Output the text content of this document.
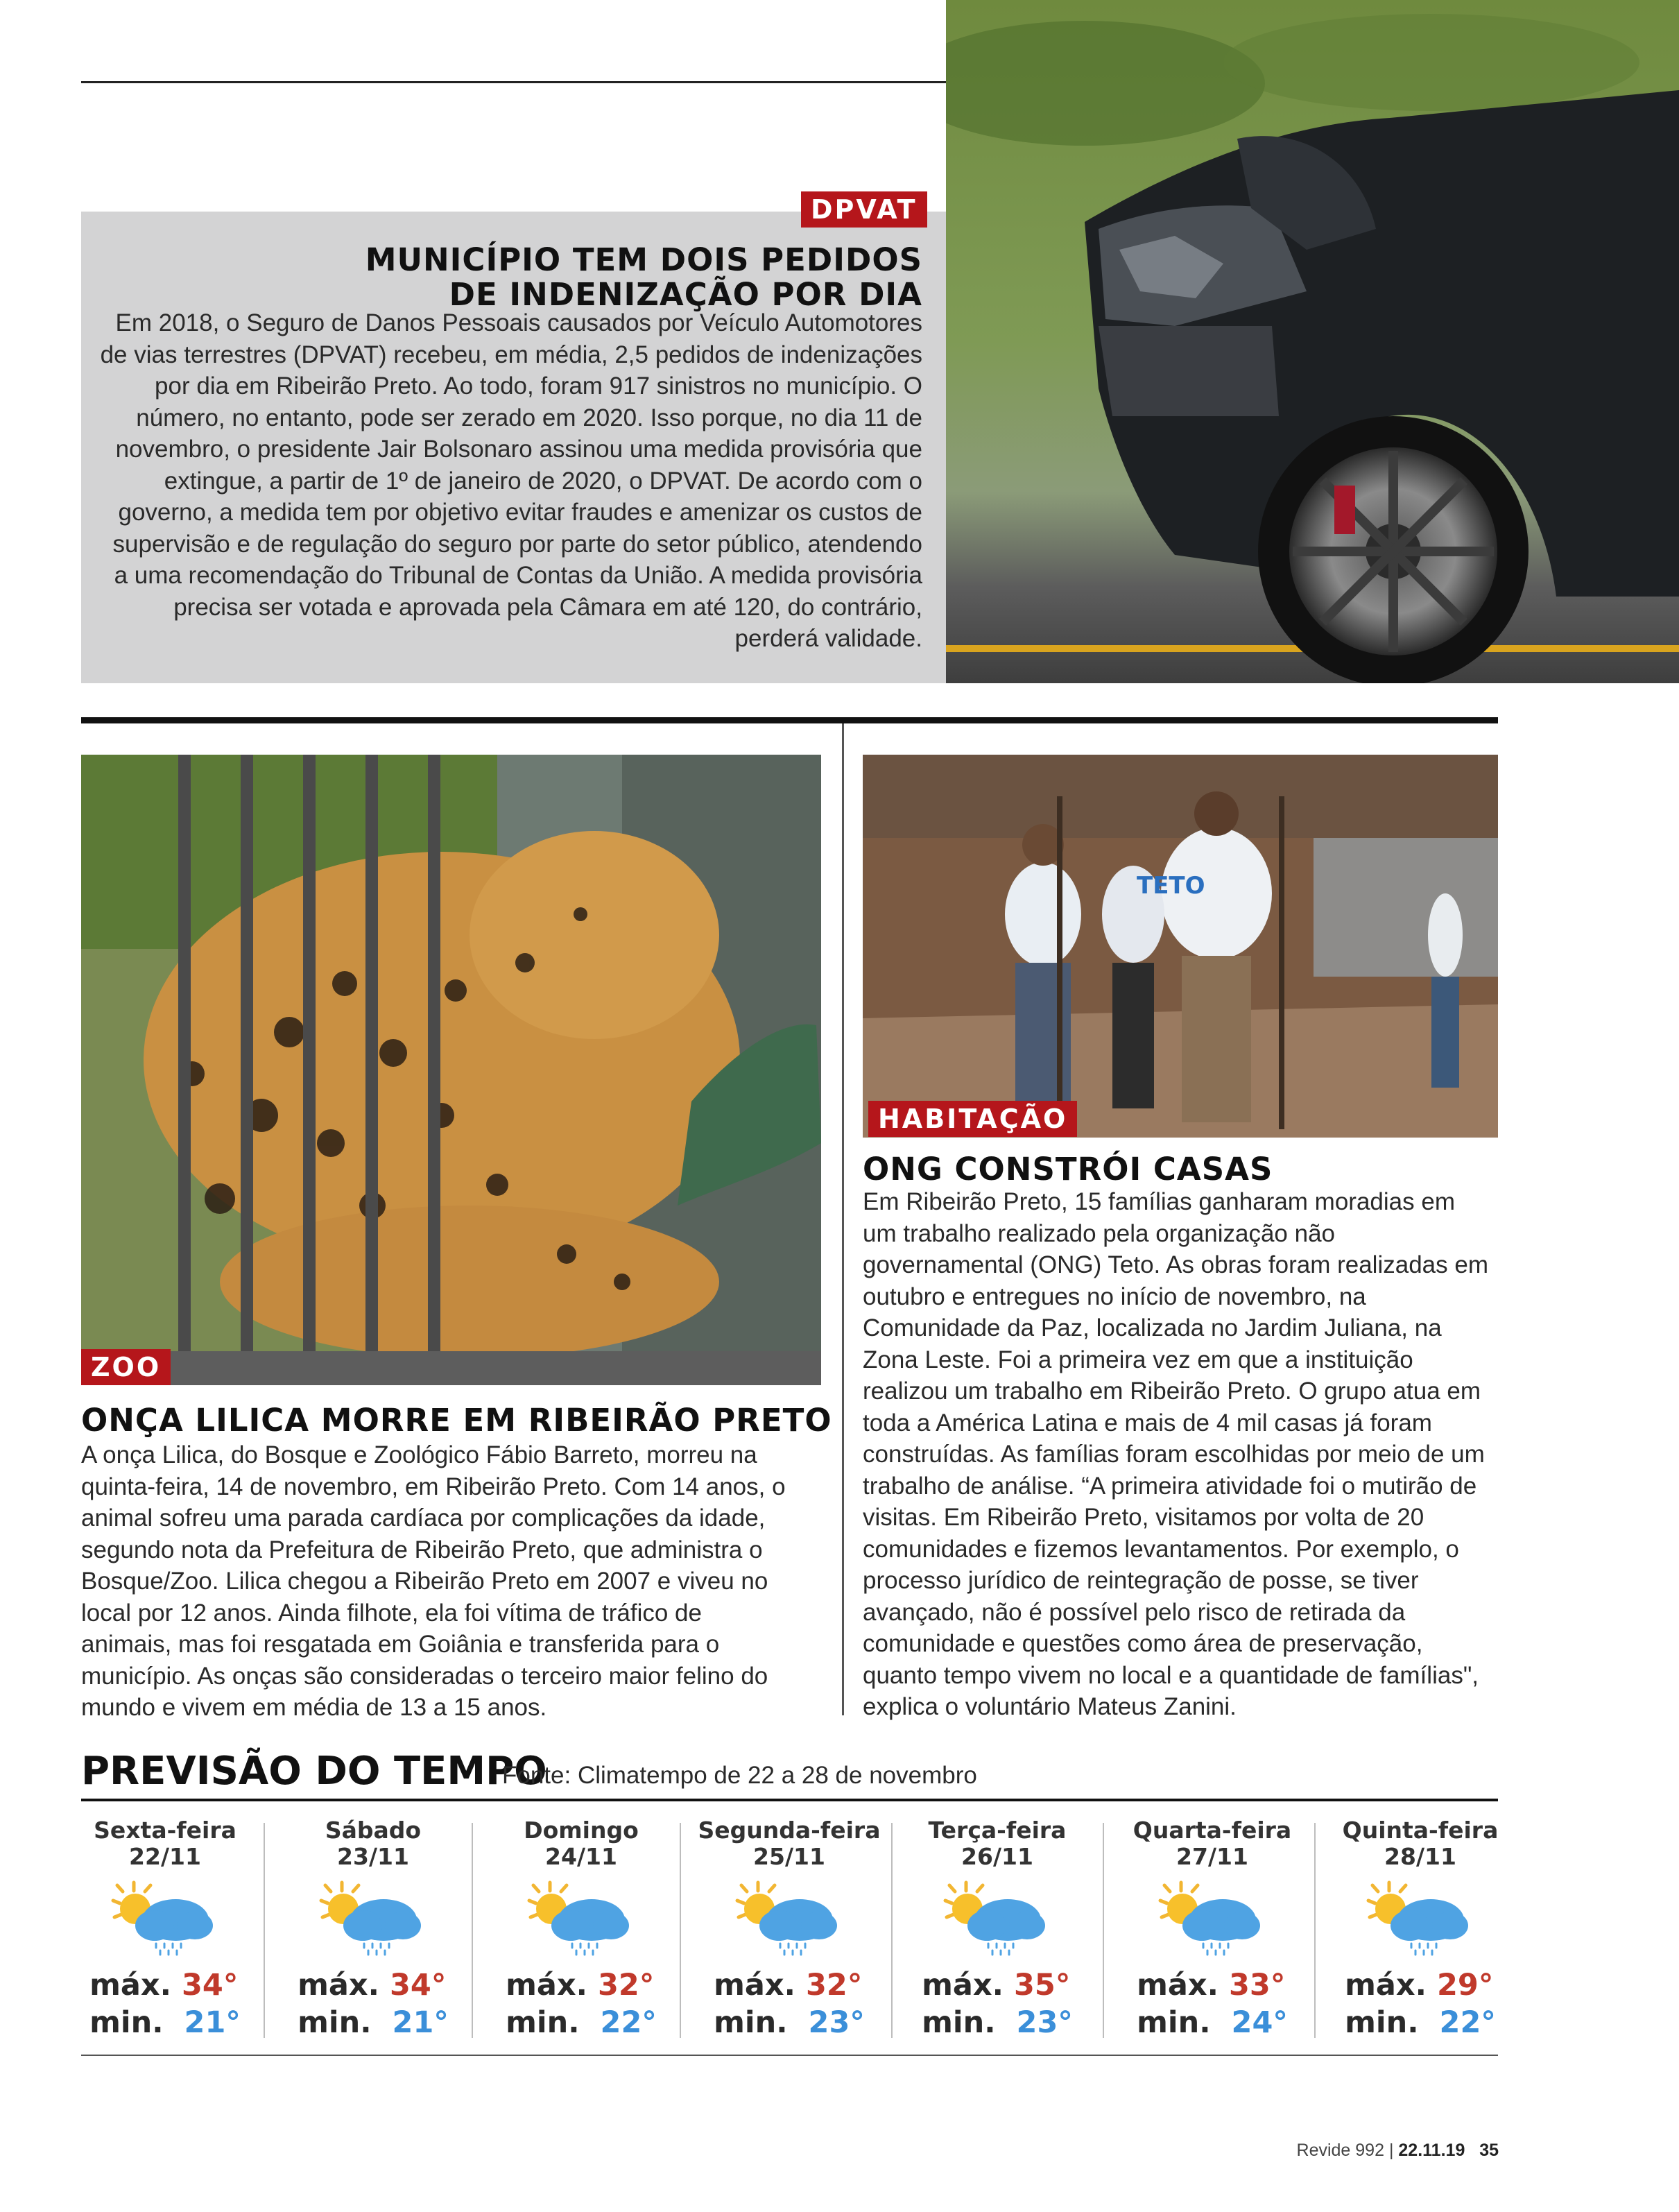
MUNICÍPIO TEM DOIS PEDIDOS
DE INDENIZAÇÃO POR DIA
Em 2018, o Seguro de Danos Pessoais causados por Veículo Automotores de vias terrestres (DPVAT) recebeu, em média, 2,5 pedidos de indenizações por dia em Ribeirão Preto. Ao todo, foram 917 sinistros no município. O número, no entanto, pode ser zerado em 2020. Isso porque, no dia 11 de novembro, o presidente Jair Bolsonaro assinou uma medida provisória que extingue, a partir de 1º de janeiro de 2020, o DPVAT. De acordo com o governo, a medida tem por objetivo evitar fraudes e amenizar os custos de supervisão e de regulação do seguro por parte do setor público, atendendo a uma recomendação do Tribunal de Contas da União. A medida provisória precisa ser votada e aprovada pela Câmara em até 120, do contrário, perderá validade.
DPVAT
ZOO
ONÇA LILICA MORRE EM RIBEIRÃO PRETO
A onça Lilica, do Bosque e Zoológico Fábio Barreto, morreu na quinta-feira, 14 de novembro, em Ribeirão Preto. Com 14 anos, o animal sofreu uma parada cardíaca por complicações da idade, segundo nota da Prefeitura de Ribeirão Preto, que administra o Bosque/Zoo. Lilica chegou a Ribeirão Preto em 2007 e viveu no local por 12 anos. Ainda filhote, ela foi vítima de tráfico de animais, mas foi resgatada em Goiânia e transferida para o município. As onças são consideradas o terceiro maior felino do mundo e vivem em média de 13 a 15 anos.
TETO
HABITAÇÃO
ONG CONSTRÓI CASAS
Em Ribeirão Preto, 15 famílias ganharam moradias em um trabalho realizado pela organização não governamental (ONG) Teto. As obras foram realizadas em outubro e entregues no início de novembro, na Comunidade da Paz, localizada no Jardim Juliana, na Zona Leste. Foi a primeira vez em que a instituição realizou um trabalho em Ribeirão Preto. O grupo atua em toda a América Latina e mais de 4 mil casas já foram construídas. As famílias foram escolhidas por meio de um trabalho de análise. “A primeira atividade foi o mutirão de visitas. Em Ribeirão Preto, visitamos por volta de 20 comunidades e fizemos levantamentos. Por exemplo, o processo jurídico de reintegração de posse, se tiver avançado, não é possível pelo risco de retirada da comunidade e questões como área de preservação, quanto tempo vivem no local e a quantidade de famílias", explica o voluntário Mateus Zanini.
PREVISÃO DO TEMPO
Fonte: Climatempo de 22 a 28 de novembro
Sexta-feira
22/11
máx. 34°
min. 21°
Sábado
23/11
máx. 34°
min. 21°
Domingo
24/11
máx. 32°
min. 22°
Segunda-feira
25/11
máx. 32°
min. 23°
Terça-feira
26/11
máx. 35°
min. 23°
Quarta-feira
27/11
máx. 33°
min. 24°
Quinta-feira
28/11
máx. 29°
min. 22°
Revide 992 | 22.11.19 35
